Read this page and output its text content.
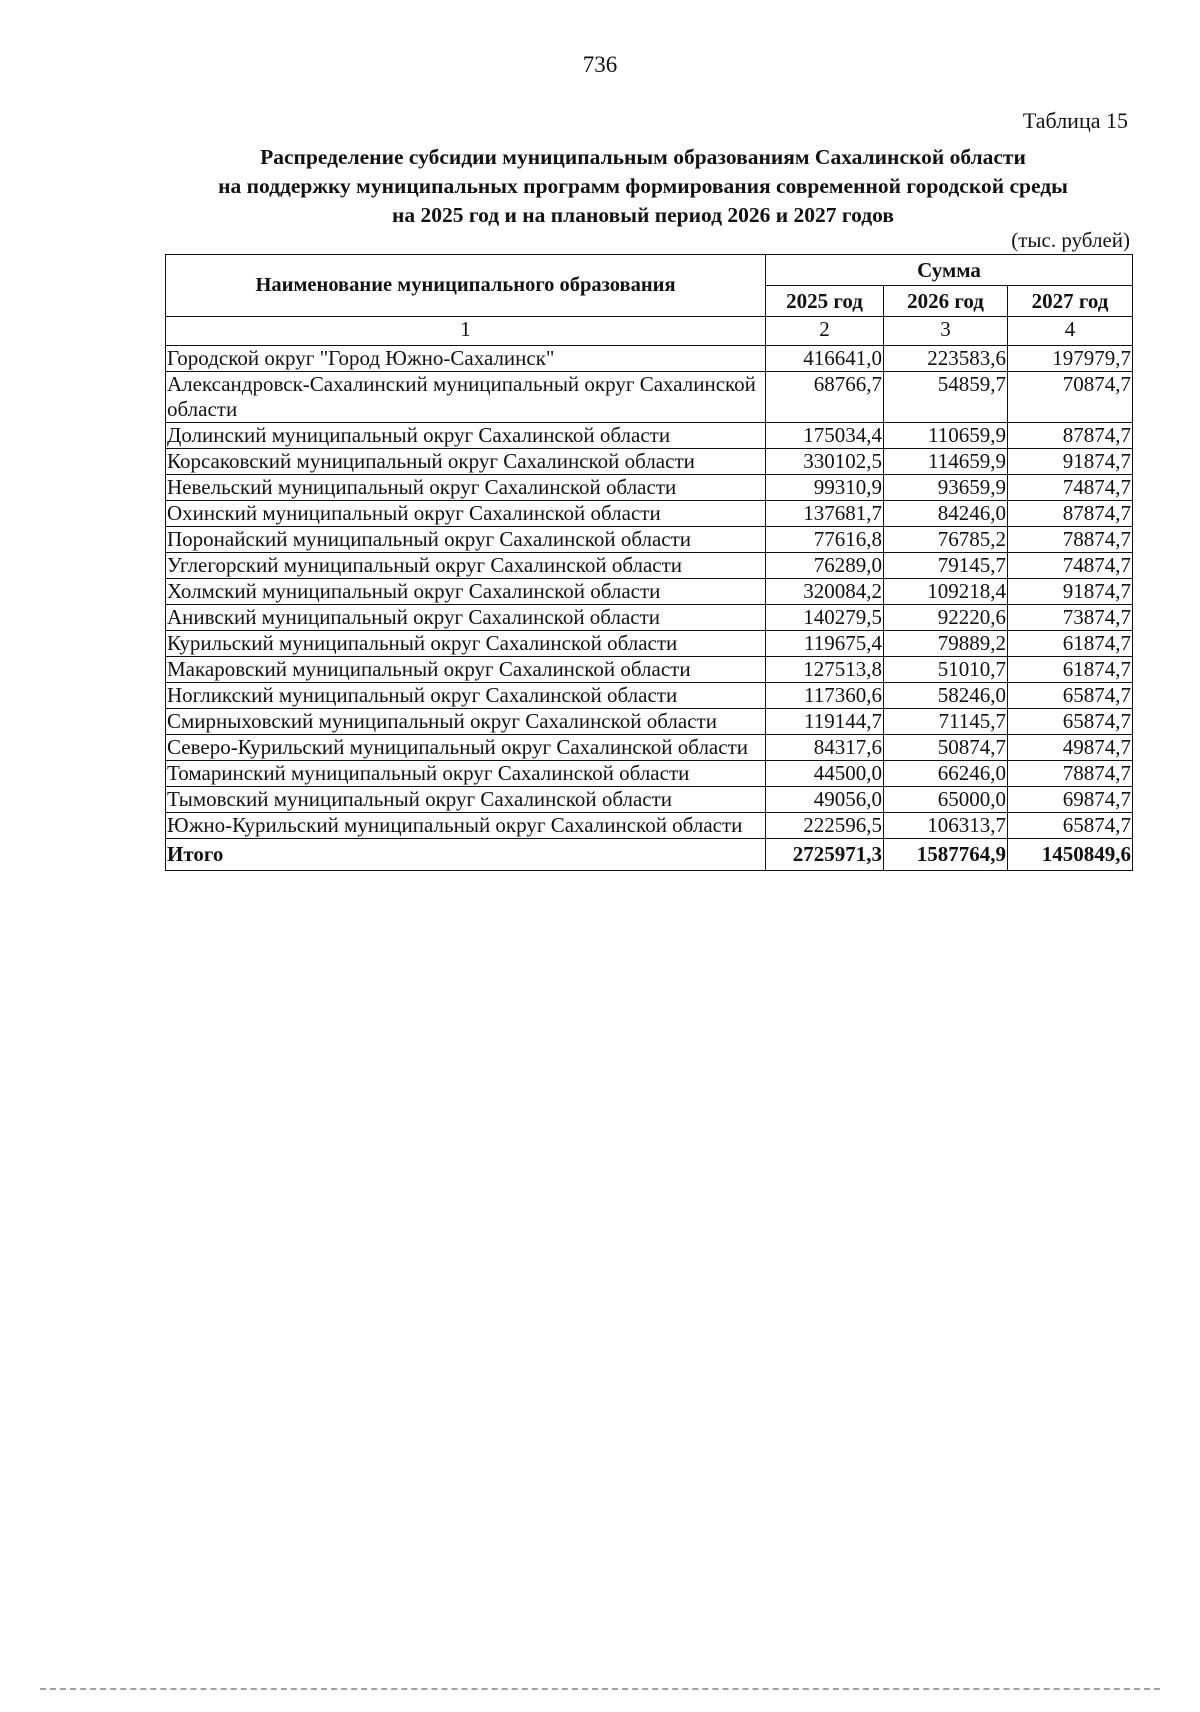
736
Таблица 15
Распределение субсидии муниципальным образованиям Сахалинской области
на поддержку муниципальных программ формирования современной городской среды
на 2025 год и на плановый период 2026 и 2027 годов
(тыс. рублей)
Наименование муниципального образования	Сумма		
	2025 год	2026 год	2027 год
1	2	3	4
Городской округ "Город Южно-Сахалинск"	416641,0	223583,6	197979,7
Александровск-Сахалинский муниципальный округ Сахалинской области	68766,7	54859,7	70874,7
Долинский муниципальный округ Сахалинской области	175034,4	110659,9	87874,7
Корсаковский муниципальный округ Сахалинской области	330102,5	114659,9	91874,7
Невельский муниципальный округ Сахалинской области	99310,9	93659,9	74874,7
Охинский муниципальный округ Сахалинской области	137681,7	84246,0	87874,7
Поронайский муниципальный округ Сахалинской области	77616,8	76785,2	78874,7
Углегорский муниципальный округ Сахалинской области	76289,0	79145,7	74874,7
Холмский муниципальный округ Сахалинской области	320084,2	109218,4	91874,7
Анивский муниципальный округ Сахалинской области	140279,5	92220,6	73874,7
Курильский муниципальный округ Сахалинской области	119675,4	79889,2	61874,7
Макаровский муниципальный округ Сахалинской области	127513,8	51010,7	61874,7
Ногликский муниципальный округ Сахалинской области	117360,6	58246,0	65874,7
Смирныховский муниципальный округ Сахалинской области	119144,7	71145,7	65874,7
Северо-Курильский муниципальный округ Сахалинской области	84317,6	50874,7	49874,7
Томаринский муниципальный округ Сахалинской области	44500,0	66246,0	78874,7
Тымовский муниципальный округ Сахалинской области	49056,0	65000,0	69874,7
Южно-Курильский муниципальный округ Сахалинской области	222596,5	106313,7	65874,7
Итого	2725971,3	1587764,9	1450849,6
